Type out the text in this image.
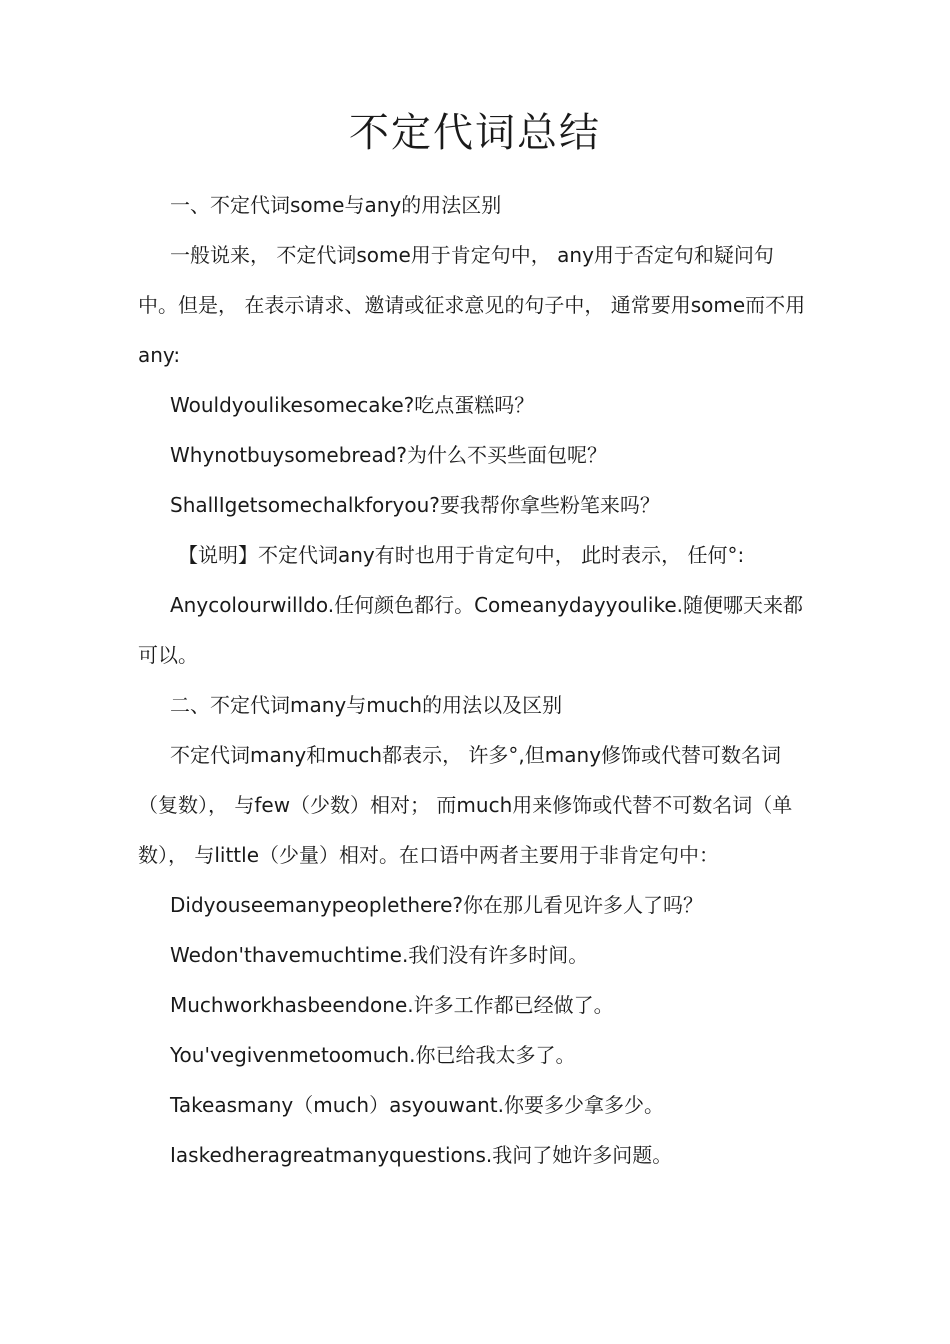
不定代词总结

一、不定代词some与any的用法区别

一般说来， 不定代词some用于肯定句中， any用于否定句和疑问句中。但是， 在表示请求、邀请或征求意见的句子中， 通常要用some而不用any:

Wouldyoulikesomecake?吃点蛋糕吗？

Whynotbuysomebread?为什么不买些面包呢？

ShallIgetsomechalkforyou?要我帮你拿些粉笔来吗？

【说明】不定代词any有时也用于肯定句中， 此时表示， 任何°:

Anycolourwilldo.任何颜色都行。Comeanydayyoulike.随便哪天来都可以。

二、不定代词many与much的用法以及区别

不定代词many和much都表示， 许多°,但many修饰或代替可数名词（复数）， 与few（少数）相对； 而much用来修饰或代替不可数名词（单数）， 与little（少量）相对。在口语中两者主要用于非肯定句中：

Didyouseemanypeoplethere?你在那儿看见许多人了吗？

Wedon'thavemuchtime.我们没有许多时间。

Muchworkhasbeendone.许多工作都已经做了。

You'vegivenmetoomuch.你已给我太多了。

Takeasmany（much）asyouwant.你要多少拿多少。

Iaskedheragreatmanyquestions.我问了她许多问题。
